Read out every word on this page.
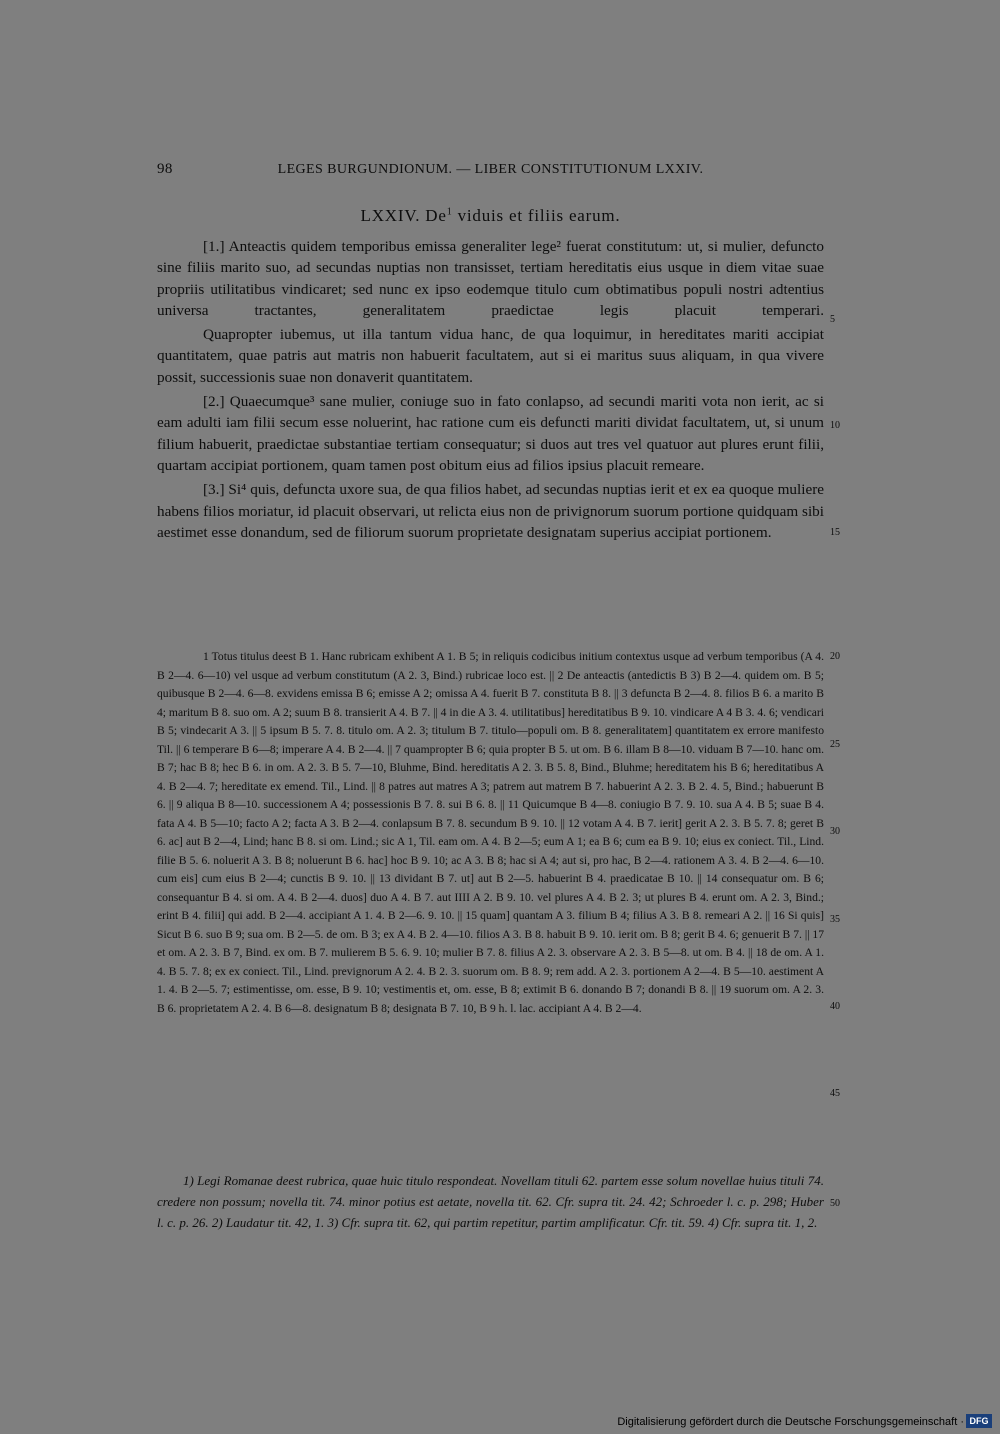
98	LEGES BURGUNDIONUM. — LIBER CONSTITUTIONUM LXXIV.
LXXIV. De$^1$ viduis et filiis earum.

[1.] Anteactis quidem temporibus emissa generaliter lege² fuerat constitutum: ut, si mulier, defuncto sine filiis marito suo, ad secundas nuptias non transisset, tertiam hereditatis eius usque in diem vitae suae propriis utilitatibus vindicaret; sed nunc ex ipso eodemque titulo cum obtimatibus populi nostri adtentius universa tractantes, generalitatem praedictae legis placuit temperari.

Quapropter iubemus, ut illa tantum vidua hanc, de qua loquimur, in hereditates mariti accipiat quantitatem, quae patris aut matris non habuerit facultatem, aut si ei maritus suus aliquam, in qua vivere possit, successionis suae non donaverit quantitatem.

[2.] Quaecumque³ sane mulier, coniuge suo in fato conlapso, ad secundi mariti vota non ierit, ac si eam adulti iam filii secum esse noluerint, hac ratione cum eis defuncti mariti dividat facultatem, ut, si unum filium habuerit, praedictae substantiae tertiam consequatur; si duos aut tres vel quatuor aut plures erunt filii, quartam accipiat portionem, quam tamen post obitum eius ad filios ipsius placuit remeare.

[3.] Si⁴ quis, defuncta uxore sua, de qua filios habet, ad secundas nuptias ierit et ex ea quoque muliere habens filios moriatur, id placuit observari, ut relicta eius non de privignorum suorum portione quidquam sibi aestimet esse donandum, sed de filiorum suorum proprietate designatam superius accipiat portionem.

5
10
15
20
25
30
35
40
45
50

1 Totus titulus deest B 1. Hanc rubricam exhibent A 1. B 5; in reliquis codicibus initium contextus usque ad verbum temporibus (A 4. B 2—4. 6—10) vel usque ad verbum constitutum (A 2. 3, Bind.) rubricae loco est. || 2 De anteactis (antedictis B 3) B 2—4. quidem om. B 5; quibusque B 2—4. 6—8. exvidens emissa B 6; emisse A 2; omissa A 4. fuerit B 7. constituta B 8. || 3 defuncta B 2—4. 8. filios B 6. a marito B 4; maritum B 8. suo om. A 2; suum B 8. transierit A 4. B 7. || 4 in die A 3. 4. utilitatibus] hereditatibus B 9. 10. vindicare A 4 B 3. 4. 6; vendicari B 5; vindecarit A 3. || 5 ipsum B 5. 7. 8. titulo om. A 2. 3; titulum B 7. titulo—populi om. B 8. generalitatem] quantitatem ex errore manifesto Til. || 6 temperare B 6—8; imperare A 4. B 2—4. || 7 quampropter B 6; quia propter B 5. ut om. B 6. illam B 8—10. viduam B 7—10. hanc om. B 7; hac B 8; hec B 6. in om. A 2. 3. B 5. 7—10, Bluhme, Bind. hereditatis A 2. 3. B 5. 8, Bind., Bluhme; hereditatem his B 6; hereditatibus A 4. B 2—4. 7; hereditate ex emend. Til., Lind. || 8 patres aut matres A 3; patrem aut matrem B 7. habuerint A 2. 3. B 2. 4. 5, Bind.; habuerunt B 6. || 9 aliqua B 8—10. successionem A 4; possessionis B 7. 8. sui B 6. 8. || 11 Quicumque B 4—8. coniugio B 7. 9. 10. sua A 4. B 5; suae B 4. fata A 4. B 5—10; facto A 2; facta A 3. B 2—4. conlapsum B 7. 8. secundum B 9. 10. || 12 votam A 4. B 7. ierit] gerit A 2. 3. B 5. 7. 8; geret B 6. ac] aut B 2—4, Lind; hanc B 8. si om. Lind.; sic A 1, Til. eam om. A 4. B 2—5; eum A 1; ea B 6; cum ea B 9. 10; eius ex coniect. Til., Lind. filie B 5. 6. noluerit A 3. B 8; noluerunt B 6. hac] hoc B 9. 10; ac A 3. B 8; hac si A 4; aut si, pro hac, B 2—4. rationem A 3. 4. B 2—4. 6—10. cum eis] cum eius B 2—4; cunctis B 9. 10. || 13 dividant B 7. ut] aut B 2—5. habuerint B 4. praedicatae B 10. || 14 consequatur om. B 6; consequantur B 4. si om. A 4. B 2—4. duos] duo A 4. B 7. aut IIII A 2. B 9. 10. vel plures A 4. B 2. 3; ut plures B 4. erunt om. A 2. 3, Bind.; erint B 4. filii] qui add. B 2—4. accipiant A 1. 4. B 2—6. 9. 10. || 15 quam] quantam A 3. filium B 4; filius A 3. B 8. remeari A 2. || 16 Si quis] Sicut B 6. suo B 9; sua om. B 2—5. de om. B 3; ex A 4. B 2. 4—10. filios A 3. B 8. habuit B 9. 10. ierit om. B 8; gerit B 4. 6; genuerit B 7. || 17 et om. A 2. 3. B 7, Bind. ex om. B 7. mulierem B 5. 6. 9. 10; mulier B 7. 8. filius A 2. 3. observare A 2. 3. B 5—8. ut om. B 4. || 18 de om. A 1. 4. B 5. 7. 8; ex ex coniect. Til., Lind. prevignorum A 2. 4. B 2. 3. suorum om. B 8. 9; rem add. A 2. 3. portionem A 2—4. B 5—10. aestiment A 1. 4. B 2—5. 7; estimentisse, om. esse, B 9. 10; vestimentis et, om. esse, B 8; extimit B 6. donando B 7; donandi B 8. || 19 suorum om. A 2. 3. B 6. proprietatem A 2. 4. B 6—8. designatum B 8; designata B 7. 10, B 9 h. l. lac. accipiant A 4. B 2—4.

1) Legi Romanae deest rubrica, quae huic titulo respondeat. Novellam tituli 62. partem esse solum novellae huius tituli 74. credere non possum; novella tit. 74. minor potius est aetate, novella tit. 62. Cfr. supra tit. 24. 42; Schroeder l. c. p. 298; Huber l. c. p. 26. 2) Laudatur tit. 42, 1. 3) Cfr. supra tit. 62, qui partim repetitur, partim amplificatur. Cfr. tit. 59. 4) Cfr. supra tit. 1, 2.

Digitalisierung gefördert durch die Deutsche Forschungsgemeinschaft · DFG
